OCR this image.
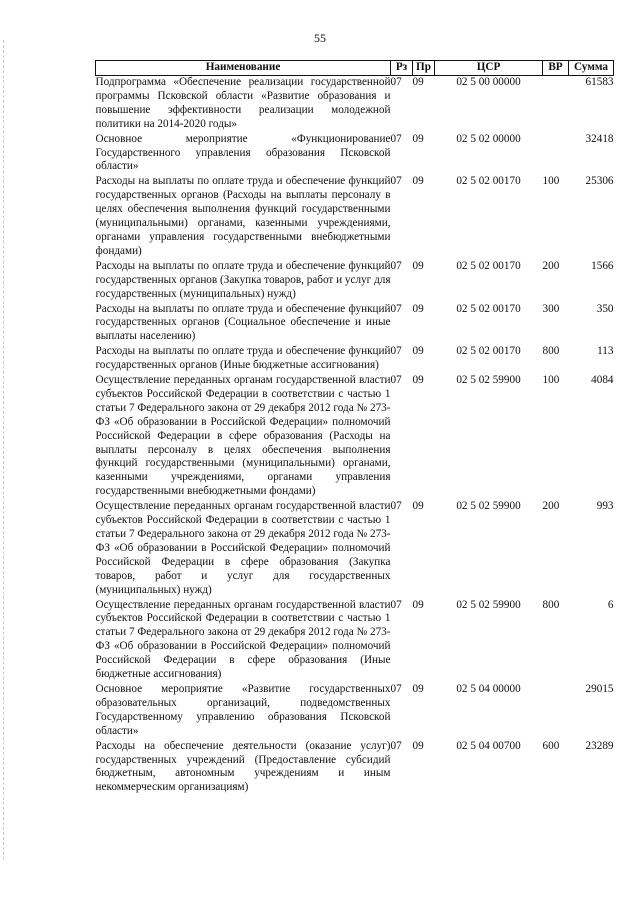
55
Наименование	Рз	Пр	ЦСР	ВР	Сумма
Подпрограмма «Обеспечение реализации государственной программы Псковской области «Развитие образования и повышение эффективности реализации молодежной политики на 2014-2020 годы»	07	09	02 5 00 00000		61583
Основное мероприятие «Функционирование Государственного управления образования Псковской области»	07	09	02 5 02 00000		32418
Расходы на выплаты по оплате труда и обеспечение функций государственных органов (Расходы на выплаты персоналу в целях обеспечения выполнения функций государственными (муниципальными) органами, казенными учреждениями, органами управления государственными внебюджетными фондами)	07	09	02 5 02 00170	100	25306
Расходы на выплаты по оплате труда и обеспечение функций государственных органов (Закупка товаров, работ и услуг для государственных (муниципальных) нужд)	07	09	02 5 02 00170	200	1566
Расходы на выплаты по оплате труда и обеспечение функций государственных органов (Социальное обеспечение и иные выплаты населению)	07	09	02 5 02 00170	300	350
Расходы на выплаты по оплате труда и обеспечение функций государственных органов (Иные бюджетные ассигнования)	07	09	02 5 02 00170	800	113
Осуществление переданных органам государственной власти субъектов Российской Федерации в соответствии с частью 1 статьи 7 Федерального закона от 29 декабря 2012 года № 273-ФЗ «Об образовании в Российской Федерации» полномочий Российской Федерации в сфере образования (Расходы на выплаты персоналу в целях обеспечения выполнения функций государственными (муниципальными) органами, казенными учреждениями, органами управления государственными внебюджетными фондами)	07	09	02 5 02 59900	100	4084
Осуществление переданных органам государственной власти субъектов Российской Федерации в соответствии с частью 1 статьи 7 Федерального закона от 29 декабря 2012 года № 273-ФЗ «Об образовании в Российской Федерации» полномочий Российской Федерации в сфере образования (Закупка товаров, работ и услуг для государственных (муниципальных) нужд)	07	09	02 5 02 59900	200	993
Осуществление переданных органам государственной власти субъектов Российской Федерации в соответствии с частью 1 статьи 7 Федерального закона от 29 декабря 2012 года № 273-ФЗ «Об образовании в Российской Федерации» полномочий Российской Федерации в сфере образования (Иные бюджетные ассигнования)	07	09	02 5 02 59900	800	6
Основное мероприятие «Развитие государственных образовательных организаций, подведомственных Государственному управлению образования Псковской области»	07	09	02 5 04 00000		29015
Расходы на обеспечение деятельности (оказание услуг) государственных учреждений (Предоставление субсидий бюджетным, автономным учреждениям и иным некоммерческим организациям)	07	09	02 5 04 00700	600	23289
